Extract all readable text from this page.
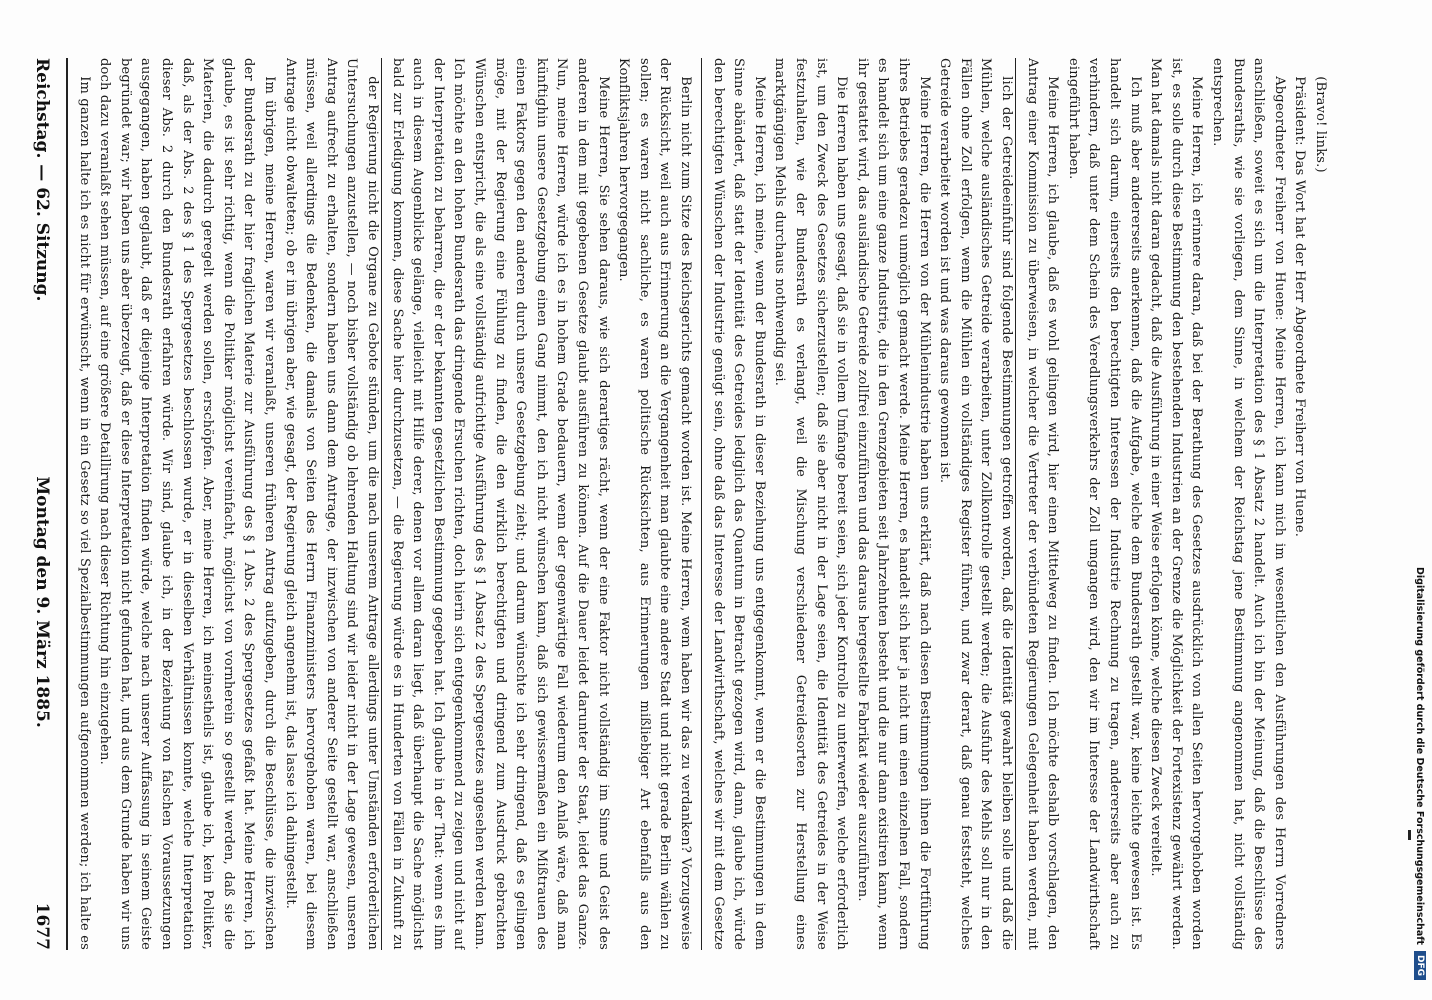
Reichstag. — 62. Sitzung.
Montag den 9. März 1885.
1677	der Regierung nicht die Organe zu Gebote stünden, um die nach unserem Antrage allerdings unter Umständen erforderlichen Untersuchungen anzustellen, — noch bisher vollständig ob lehrenden Haltung sind wir leider nicht in der Lage gewesen, unseren Antrag aufrecht zu erhalten, sondern haben uns dann dem Antrage, der inzwischen von anderer Seite gestellt war, anschließen müssen, weil allerdings die Bedenken, die damals von Seiten des Herrn Finanzministers hervorgehoben waren, bei diesem Antrage nicht obwalteten; ob er im übrigen aber, wie gesagt, der Regierung gleich angenehm ist, das lasse ich dahingestellt.

Im übrigen, meine Herren, waren wir veranlaßt, unseren früheren Antrag aufzugeben, durch die Beschlüsse, die inzwischen der Bundesrath zu der hier fraglichen Materie zur Ausführung des § 1 Abs. 2 des Spergesetzes gefaßt hat. Meine Herren, ich glaube, es ist sehr richtig, wenn die Politiker möglichst vereinfacht, möglichst von vornherein so gestellt werden, daß sie die Materien, die dadurch geregelt werden sollen, erschöpfen. Aber, meine Herren, ich meinestheils ist, glaube ich, kein Politiker, daß, als der Abs. 2 des § 1 des Spergesetzes beschlossen wurde, er in dieselben Verhältnissen konnte, welche Interpretation dieser Abs. 2 durch den Bundesrath erfahren würde. Wir sind, glaube ich, in der Beziehung von falschen Voraussetzungen ausgegangen, haben geglaubt, daß er diejenige Interpretation finden würde, welche nach unserer Auffassung in seinem Geiste begründet war; wir haben uns aber überzeugt, daß er diese Interpretation nicht gefunden hat, und aus dem Grunde haben wir uns doch dazu veranlaßt sehen müssen, auf eine größere Detaillirung nach dieser Richtung hin einzugehen.

Im ganzen halte ich es nicht für erwünscht, wenn in ein Gesetz so viel Spezialbestimmungen aufgenommen werden; ich halte es	Berlin nicht zum Sitze des Reichsgerichts gemacht worden ist. Meine Herren, wem haben wir das zu verdanken? Vorzugsweise der Rücksicht, weil auch aus Erinnerung an die Vergangenheit man glaubte eine andere Stadt und nicht gerade Berlin wählen zu sollen; es waren nicht sachliche, es waren politische Rücksichten, aus Erinnerungen mißliebiger Art ebenfalls aus den Konfliktsjahren hervorgegangen.

Meine Herren, Sie sehen daraus, wie sich derartiges rächt, wenn der eine Faktor nicht vollständig im Sinne und Geist des anderen in dem mit gegebenen Gesetze glaubt ausführen zu können. Auf die Dauer leidet darunter der Staat, leidet das Ganze. Nun, meine Herren, würde ich es in hohem Grade bedauern, wenn der gegenwärtige Fall wiederum den Anlaß wäre, daß man künftighin unsere Gesetzgebung einen Gang nimmt, den ich nicht wünschen kann, daß sich gewissermaßen ein Mißtrauen des einen Faktors gegen den anderen durch unsere Gesetzgebung zieht; und darum wünschte ich sehr dringend, daß es gelingen möge, mit der Regierung eine Fühlung zu finden, die den wirklich berechtigten und dringend zum Ausdruck gebrachten Wünschen entspricht, die als eine vollständig aufrichtige Ausführung des § 1 Absatz 2 des Spergesetzes angesehen werden kann. Ich möchte an den hohen Bundesrath das dringende Ersuchen richten, doch hierin sich entgegenkommend zu zeigen und nicht auf der Interpretation zu beharren, die er der bekannten gesetzlichen Bestimmung gegeben hat. Ich glaube in der That: wenn es ihm auch in diesem Augenblicke gelänge, vielleicht mit Hilfe derer, denen vor allem daran liegt, daß überhaupt die Sache möglichst bald zur Erledigung kommen, diese Sache hier durchzusetzen, — die Regierung würde es in Hunderten von Fällen in Zukunft zu	lich der Getreideeinfuhr sind folgende Bestimmungen getroffen worden, daß die Identität gewahrt bleiben solle und daß die Mühlen, welche ausländisches Getreide verarbeiten, unter Zollkontrolle gestellt werden; die Ausfuhr des Mehls soll nur in den Fällen ohne Zoll erfolgen, wenn die Mühlen ein vollständiges Register führen, und zwar derart, daß genau feststeht, welches Getreide verarbeitet worden ist und was daraus gewonnen ist.

Meine Herren, die Herren von der Mühlenindustrie haben uns erklärt, daß nach diesen Bestimmungen ihnen die Fortführung ihres Betriebes geradezu unmöglich gemacht werde. Meine Herren, es handelt sich hier ja nicht um einen einzelnen Fall, sondern es handelt sich um eine ganze Industrie, die in den Grenzgebieten seit Jahrzehnten besteht und die nur dann existiren kann, wenn ihr gestattet wird, das ausländische Getreide zollfrei einzuführen und das daraus hergestellte Fabrikat wieder auszuführen.

Die Herren haben uns gesagt, daß sie in vollem Umfange bereit seien, sich jeder Kontrolle zu unterwerfen, welche erforderlich ist, um den Zweck des Gesetzes sicherzustellen; daß sie aber nicht in der Lage seien, die Identität des Getreides in der Weise festzuhalten, wie der Bundesrath es verlangt, weil die Mischung verschiedener Getreidesorten zur Herstellung eines marktgängigen Mehls durchaus nothwendig sei.

Meine Herren, ich meine, wenn der Bundesrath in dieser Beziehung uns entgegenkommt, wenn er die Bestimmungen in dem Sinne abändert, daß statt der Identität des Getreides lediglich das Quantum in Betracht gezogen wird, dann, glaube ich, würde den berechtigten Wünschen der Industrie genügt sein, ohne daß das Interesse der Landwirthschaft, welches wir mit dem Gesetze

(Bravo! links.)

Präsident: Das Wort hat der Herr Abgeordnete Freiherr von Huene.

Abgeordneter Freiherr von Huene: Meine Herren, ich kann mich im wesentlichen den Ausführungen des Herrn Vorredners anschließen, soweit es sich um die Interpretation des § 1 Absatz 2 handelt. Auch ich bin der Meinung, daß die Beschlüsse des Bundesraths, wie sie vorliegen, dem Sinne, in welchem der Reichstag jene Bestimmung angenommen hat, nicht vollständig entsprechen.

Meine Herren, ich erinnere daran, daß bei der Berathung des Gesetzes ausdrücklich von allen Seiten hervorgehoben worden ist, es solle durch diese Bestimmung den bestehenden Industrien an der Grenze die Möglichkeit der Fortexistenz gewährt werden. Man hat damals nicht daran gedacht, daß die Ausführung in einer Weise erfolgen könne, welche diesen Zweck vereitelt.

Ich muß aber andererseits anerkennen, daß die Aufgabe, welche dem Bundesrath gestellt war, keine leichte gewesen ist. Es handelt sich darum, einerseits den berechtigten Interessen der Industrie Rechnung zu tragen, andererseits aber auch zu verhindern, daß unter dem Schein des Veredlungsverkehrs der Zoll umgangen wird, den wir im Interesse der Landwirthschaft eingeführt haben.

Meine Herren, ich glaube, daß es wohl gelingen wird, hier einen Mittelweg zu finden. Ich möchte deshalb vorschlagen, den Antrag einer Kommission zu überweisen, in welcher die Vertreter der verbündeten Regierungen Gelegenheit haben werden, mit	Digitalisierung gefördert durch die Deutsche Forschungsgemeinschaft
DFG
